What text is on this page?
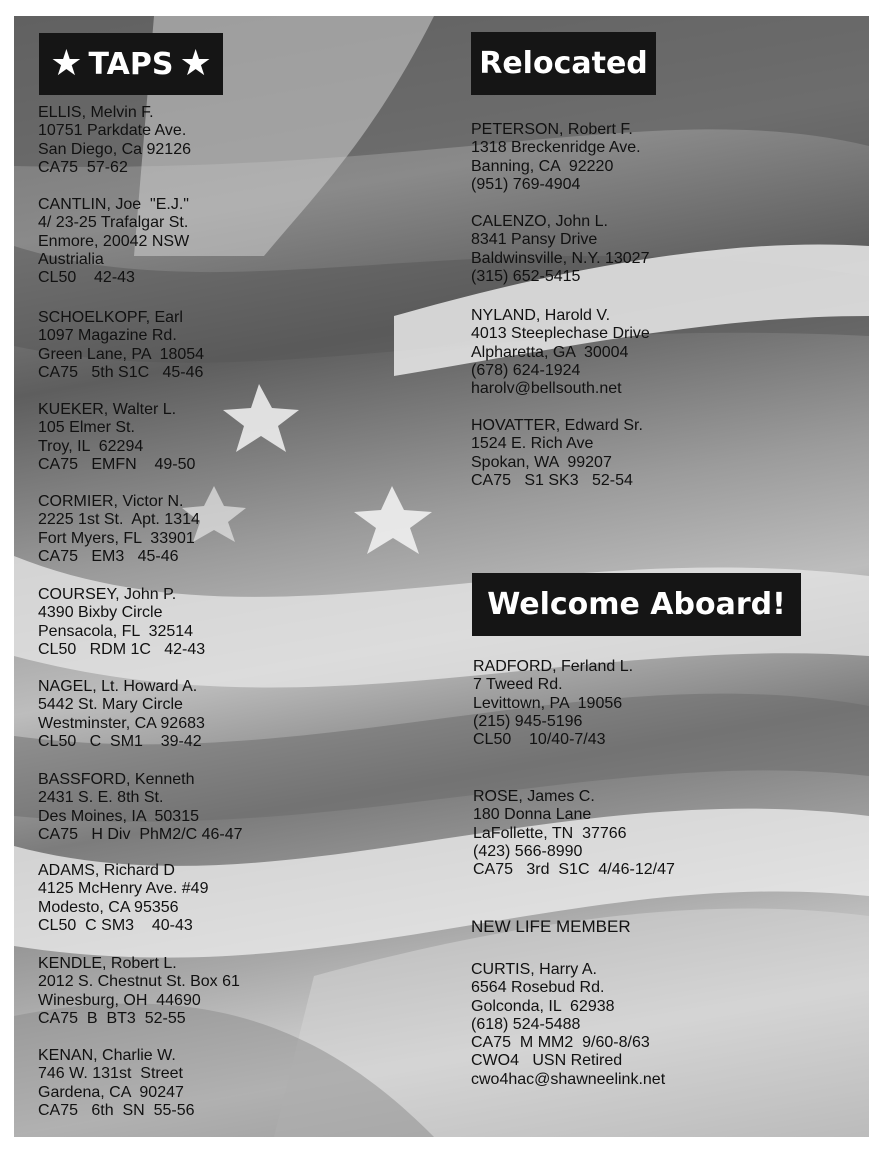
★ TAPS ★	Relocated
Welcome Aboard!
NEW LIFE MEMBER
ELLIS, Melvin F.
10751 Parkdate Ave.
San Diego, Ca 92126
CA75  57-62
CANTLIN, Joe  "E.J."
4/ 23-25 Trafalgar St.
Enmore, 20042 NSW
Austrialia
CL50    42-43
SCHOELKOPF, Earl
1097 Magazine Rd.
Green Lane, PA  18054
CA75   5th S1C   45-46
KUEKER, Walter L.
105 Elmer St.
Troy, IL  62294
CA75   EMFN    49-50
CORMIER, Victor N.
2225 1st St.  Apt. 1314
Fort Myers, FL  33901
CA75   EM3   45-46
COURSEY, John P.
4390 Bixby Circle
Pensacola, FL  32514
CL50   RDM 1C   42-43
NAGEL, Lt. Howard A.
5442 St. Mary Circle
Westminster, CA 92683
CL50   C  SM1    39-42
BASSFORD, Kenneth
2431 S. E. 8th St.
Des Moines, IA  50315
CA75   H Div  PhM2/C 46-47
ADAMS, Richard D
4125 McHenry Ave. #49
Modesto, CA 95356
CL50  C SM3    40-43
KENDLE, Robert L.
2012 S. Chestnut St. Box 61
Winesburg, OH  44690
CA75  B  BT3  52-55
KENAN, Charlie W.
746 W. 131st  Street
Gardena, CA  90247
CA75   6th  SN  55-56
PETERSON, Robert F.
1318 Breckenridge Ave.
Banning, CA  92220
(951) 769-4904
CALENZO, John L.
8341 Pansy Drive
Baldwinsville, N.Y. 13027
(315) 652-5415
NYLAND, Harold V.
4013 Steeplechase Drive
Alpharetta, GA  30004
(678) 624-1924
harolv@bellsouth.net
HOVATTER, Edward Sr.
1524 E. Rich Ave
Spokan, WA  99207
CA75   S1 SK3   52-54
RADFORD, Ferland L.
7 Tweed Rd.
Levittown, PA  19056
(215) 945-5196
CL50    10/40-7/43
ROSE, James C.
180 Donna Lane
LaFollette, TN  37766
(423) 566-8990
CA75   3rd  S1C  4/46-12/47
CURTIS, Harry A.
6564 Rosebud Rd.
Golconda, IL  62938
(618) 524-5488
CA75  M MM2  9/60-8/63
CWO4   USN Retired
cwo4hac@shawneelink.net
